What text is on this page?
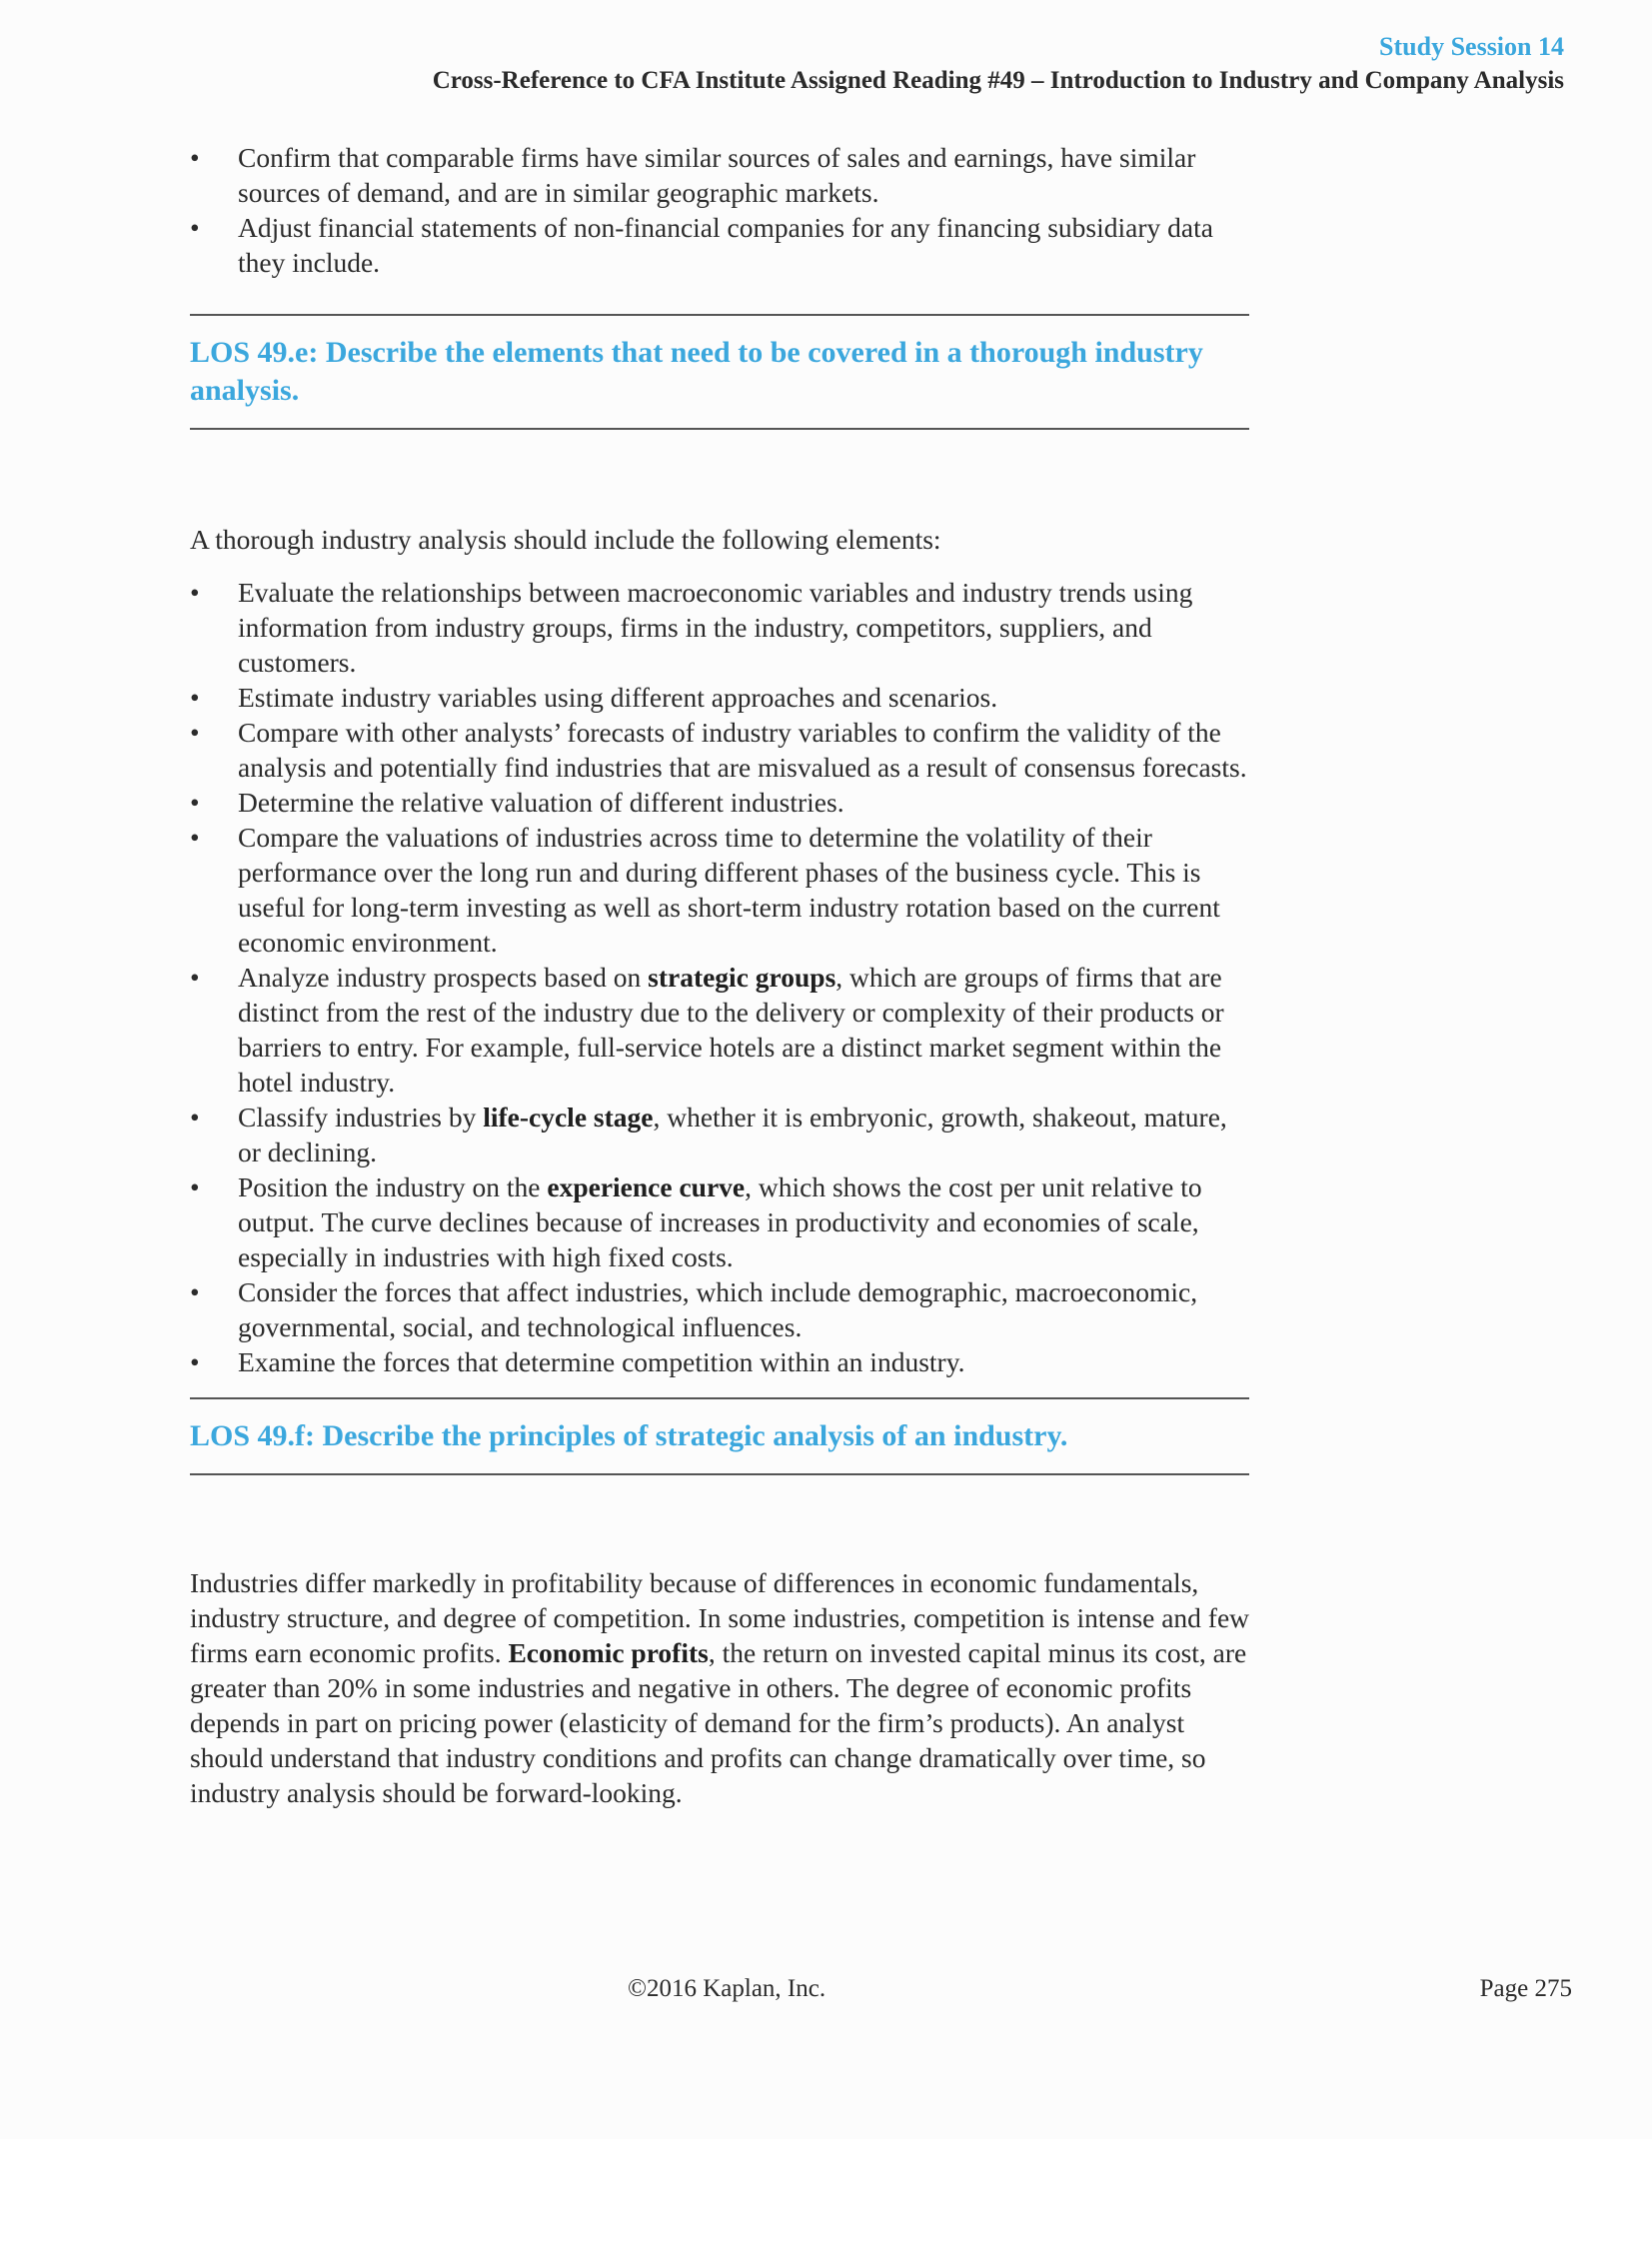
Study Session 14
Cross-Reference to CFA Institute Assigned Reading #49 – Introduction to Industry and Company Analysis
•	Confirm that comparable firms have similar sources of sales and earnings, have similar sources of demand, and are in similar geographic markets.
•	Adjust financial statements of non-financial companies for any financing subsidiary data they include.

LOS 49.e: Describe the elements that need to be covered in a thorough industry analysis.

A thorough industry analysis should include the following elements:

•	Evaluate the relationships between macroeconomic variables and industry trends using information from industry groups, firms in the industry, competitors, suppliers, and customers.
•	Estimate industry variables using different approaches and scenarios.
•	Compare with other analysts’ forecasts of industry variables to confirm the validity of the analysis and potentially find industries that are misvalued as a result of consensus forecasts.
•	Determine the relative valuation of different industries.
•	Compare the valuations of industries across time to determine the volatility of their performance over the long run and during different phases of the business cycle. This is useful for long-term investing as well as short-term industry rotation based on the current economic environment.
•	Analyze industry prospects based on strategic groups, which are groups of firms that are distinct from the rest of the industry due to the delivery or complexity of their products or barriers to entry. For example, full-service hotels are a distinct market segment within the hotel industry.
•	Classify industries by life-cycle stage, whether it is embryonic, growth, shakeout, mature, or declining.
•	Position the industry on the experience curve, which shows the cost per unit relative to output. The curve declines because of increases in productivity and economies of scale, especially in industries with high fixed costs.
•	Consider the forces that affect industries, which include demographic, macroeconomic, governmental, social, and technological influences.
•	Examine the forces that determine competition within an industry.

LOS 49.f: Describe the principles of strategic analysis of an industry.

Industries differ markedly in profitability because of differences in economic fundamentals, industry structure, and degree of competition. In some industries, competition is intense and few firms earn economic profits. Economic profits, the return on invested capital minus its cost, are greater than 20% in some industries and negative in others. The degree of economic profits depends in part on pricing power (elasticity of demand for the firm’s products). An analyst should understand that industry conditions and profits can change dramatically over time, so industry analysis should be forward-looking.

©2016 Kaplan, Inc.	Page 275
